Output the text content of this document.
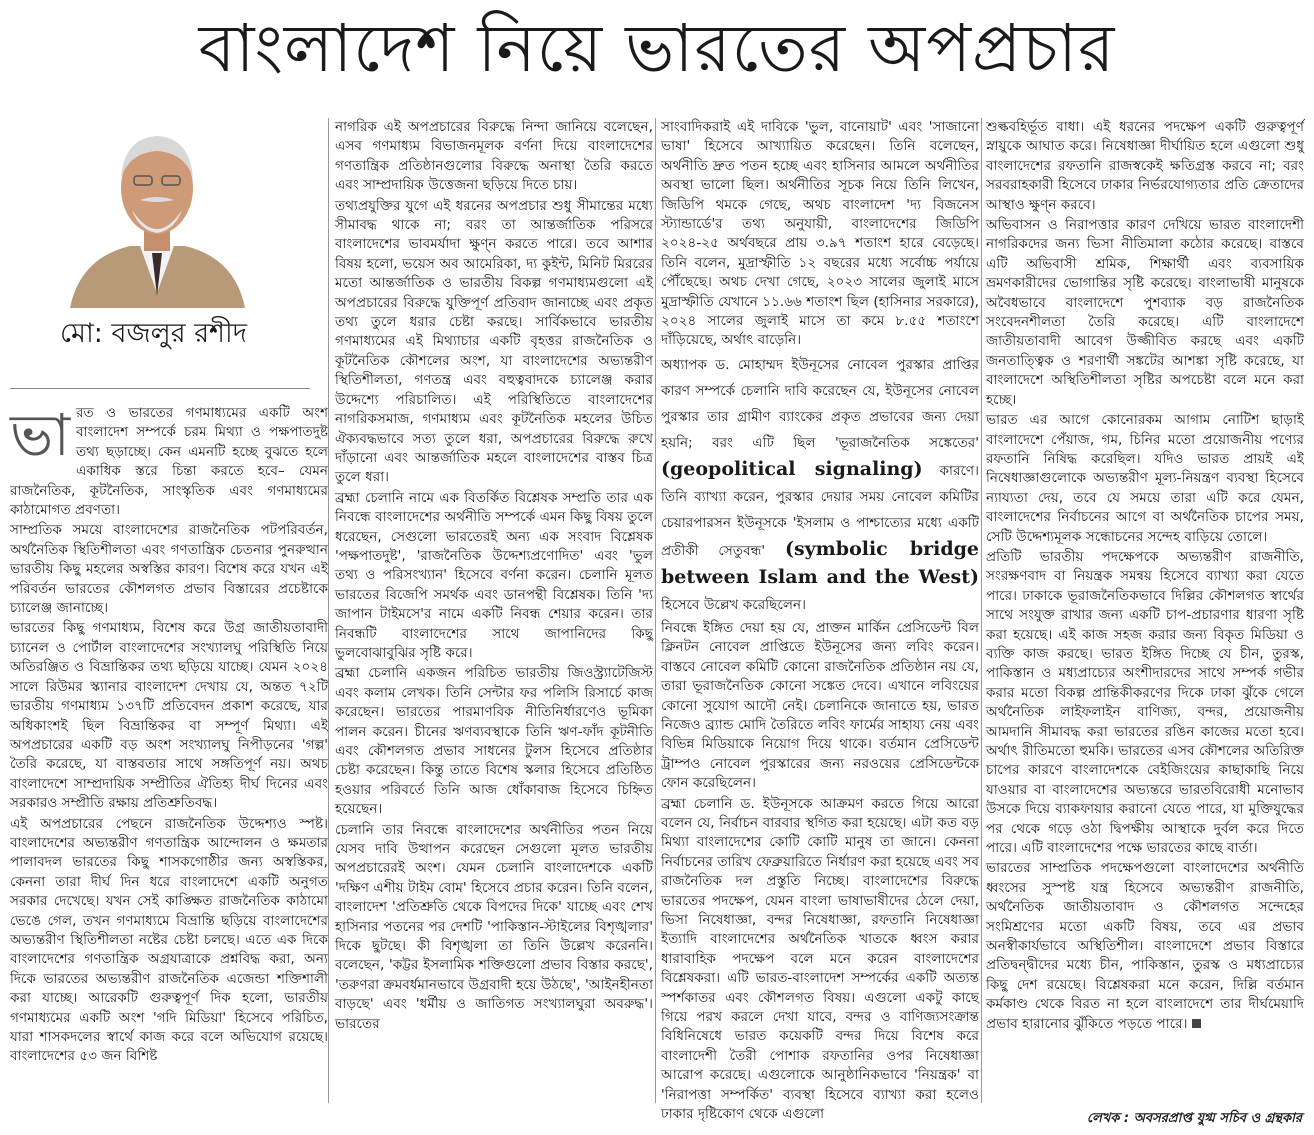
বাংলাদেশ নিয়ে ভারতের অপপ্রচার
মো: বজলুর রশীদ

ভারত ও ভারতের গণমাধ্যমের একটি অংশ বাংলাদেশ সম্পর্কে চরম মিথ্যা ও পক্ষপাতদুষ্ট তথ্য ছড়াচ্ছে। কেন এমনটি হচ্ছে বুঝতে হলে একাধিক স্তরে চিন্তা করতে হবে– যেমন রাজনৈতিক, কূটনৈতিক, সাংস্কৃতিক এবং গণমাধ্যমের কাঠামোগত প্রবণতা।

সাম্প্রতিক সময়ে বাংলাদেশের রাজনৈতিক পটপরিবর্তন, অর্থনৈতিক স্থিতিশীলতা এবং গণতান্ত্রিক চেতনার পুনরুত্থান ভারতীয় কিছু মহলের অস্বস্তির কারণ। বিশেষ করে যখন এই পরিবর্তন ভারতের কৌশলগত প্রভাব বিস্তারের প্রচেষ্টাকে চ্যালেঞ্জ জানাচ্ছে।

ভারতের কিছু গণমাধ্যম, বিশেষ করে উগ্র জাতীয়তাবাদী চ্যানেল ও পোর্টাল বাংলাদেশের সংখ্যালঘু পরিস্থিতি নিয়ে অতিরঞ্জিত ও বিভ্রান্তিকর তথ্য ছড়িয়ে যাচ্ছে। যেমন ২০২৪ সালে রিউমর স্ক্যানার বাংলাদেশ দেখায় যে, অন্তত ৭২টি ভারতীয় গণমাধ্যম ১৩৭টি প্রতিবেদন প্রকাশ করেছে, যার অধিকাংশই ছিল বিভ্রান্তিকর বা সম্পূর্ণ মিথ্যা। এই অপপ্রচারের একটি বড় অংশ সংখ্যালঘু নিপীড়নের 'গল্প' তৈরি করেছে, যা বাস্তবতার সাথে সঙ্গতিপূর্ণ নয়। অথচ বাংলাদেশে সাম্প্রদায়িক সম্প্রীতির ঐতিহ্য দীর্ঘ দিনের এবং সরকারও সম্প্রীতি রক্ষায় প্রতিশ্রুতিবদ্ধ।

এই অপপ্রচারের পেছনে রাজনৈতিক উদ্দেশ্যও স্পষ্ট। বাংলাদেশের অভ্যন্তরীণ গণতান্ত্রিক আন্দোলন ও ক্ষমতার পালাবদল ভারতের কিছু শাসকগোষ্ঠীর জন্য অস্বস্তিকর, কেননা তারা দীর্ঘ দিন ধরে বাংলাদেশে একটি অনুগত সরকার দেখেছে। যখন সেই কাঙ্ক্ষিত রাজনৈতিক কাঠামো ভেঙে গেল, তখন গণমাধ্যমে বিভ্রান্তি ছড়িয়ে বাংলাদেশের অভ্যন্তরীণ স্থিতিশীলতা নষ্টের চেষ্টা চলছে। এতে এক দিকে বাংলাদেশের গণতান্ত্রিক অগ্রযাত্রাকে প্রশ্নবিদ্ধ করা, অন্য দিকে ভারতের অভ্যন্তরীণ রাজনৈতিক এজেন্ডা শক্তিশালী করা যাচ্ছে। আরেকটি গুরুত্বপূর্ণ দিক হলো, ভারতীয় গণমাধ্যমের একটি অংশ 'গদি মিডিয়া' হিসেবে পরিচিত, যারা শাসকদলের স্বার্থে কাজ করে বলে অভিযোগ রয়েছে। বাংলাদেশের ৫৩ জন বিশিষ্ট

নাগরিক এই অপপ্রচারের বিরুদ্ধে নিন্দা জানিয়ে বলেছেন, এসব গণমাধ্যম বিভাজনমূলক বর্ণনা দিয়ে বাংলাদেশের গণতান্ত্রিক প্রতিষ্ঠানগুলোর বিরুদ্ধে অনাস্থা তৈরি করতে এবং সাম্প্রদায়িক উত্তেজনা ছড়িয়ে দিতে চায়।

তথ্যপ্রযুক্তির যুগে এই ধরনের অপপ্রচার শুধু সীমান্তের মধ্যে সীমাবদ্ধ থাকে না; বরং তা আন্তর্জাতিক পরিসরে বাংলাদেশের ভাবমর্যাদা ক্ষুণ্ন করতে পারে। তবে আশার বিষয় হলো, ভয়েস অব আমেরিকা, দ্য কুইন্ট, মিনিট মিররের মতো আন্তর্জাতিক ও ভারতীয় বিকল্প গণমাধ্যমগুলো এই অপপ্রচারের বিরুদ্ধে যুক্তিপূর্ণ প্রতিবাদ জানাচ্ছে এবং প্রকৃত তথ্য তুলে ধরার চেষ্টা করছে। সার্বিকভাবে ভারতীয় গণমাধ্যমের এই মিথ্যাচার একটি বৃহত্তর রাজনৈতিক ও কূটনৈতিক কৌশলের অংশ, যা বাংলাদেশের অভ্যন্তরীণ স্থিতিশীলতা, গণতন্ত্র এবং বহুত্ববাদকে চ্যালেঞ্জ করার উদ্দেশ্যে পরিচালিত। এই পরিস্থিতিতে বাংলাদেশের নাগরিকসমাজ, গণমাধ্যম এবং কূটনৈতিক মহলের উচিত ঐক্যবদ্ধভাবে সত্য তুলে ধরা, অপপ্রচারের বিরুদ্ধে রুখে দাঁড়ানো এবং আন্তর্জাতিক মহলে বাংলাদেশের বাস্তব চিত্র তুলে ধরা।

ব্রহ্মা চেলানি নামে এক বিতর্কিত বিশ্লেষক সম্প্রতি তার এক নিবন্ধে বাংলাদেশের অর্থনীতি সম্পর্কে এমন কিছু বিষয় তুলে ধরেছেন, সেগুলো ভারতেরই অন্য এক সংবাদ বিশ্লেষক 'পক্ষপাতদুষ্ট', 'রাজনৈতিক উদ্দেশ্যপ্রণোদিত' এবং 'ভুল তথ্য ও পরিসংখ্যান' হিসেবে বর্ণনা করেন। চেলানি মূলত ভারতের বিজেপি সমর্থক এবং ডানপন্থী বিশ্লেষক। তিনি 'দ্য জাপান টাইমসে'র নামে একটি নিবন্ধ শেয়ার করেন। তার নিবন্ধটি বাংলাদেশের সাথে জাপানিদের কিছু ভুলবোঝাবুঝির সৃষ্টি করে।

ব্রহ্মা চেলানি একজন পরিচিত ভারতীয় জিওস্ট্র্যাটেজিস্ট এবং কলাম লেখক। তিনি সেন্টার ফর পলিসি রিসার্চে কাজ করেছেন। ভারতের পারমাণবিক নীতিনির্ধারণেও ভূমিকা পালন করেন। চীনের ঋণব্যবস্থাকে তিনি ঋণ-ফাঁদ কূটনীতি এবং কৌশলগত প্রভাব সাধনের টুলস হিসেবে প্রতিষ্ঠার চেষ্টা করেছেন। কিন্তু তাতে বিশেষ স্কলার হিসেবে প্রতিষ্ঠিত হওয়ার পরিবর্তে তিনি আজ ধোঁকাবাজ হিসেবে চিহ্নিত হয়েছেন।

চেলানি তার নিবন্ধে বাংলাদেশের অর্থনীতির পতন নিয়ে যেসব দাবি উত্থাপন করেছেন সেগুলো মূলত ভারতীয় অপপ্রচারেরই অংশ। যেমন চেলানি বাংলাদেশকে একটি 'দক্ষিণ এশীয় টাইম বোম' হিসেবে প্রচার করেন। তিনি বলেন, বাংলাদেশ 'প্রতিশ্রুতি থেকে বিপদের দিকে' যাচ্ছে এবং শেখ হাসিনার পতনের পর দেশটি 'পাকিস্তান-স্টাইলের বিশৃঙ্খলার' দিকে ছুটছে। কী বিশৃঙ্খলা তা তিনি উল্লেখ করেননি। বলেছেন, 'কট্টর ইসলামিক শক্তিগুলো প্রভাব বিস্তার করছে', 'তরুণরা ক্রমবর্ধমানভাবে উগ্রবাদী হয়ে উঠছে', 'আইনহীনতা বাড়ছে' এবং 'ধর্মীয় ও জাতিগত সংখ্যালঘুরা অবরুদ্ধ'। ভারতের

সাংবাদিকরাই এই দাবিকে 'ভুল, বানোয়াট' এবং 'সাজানো ভাষা' হিসেবে আখ্যায়িত করেছেন। তিনি বলেছেন, অর্থনীতি দ্রুত পতন হচ্ছে এবং হাসিনার আমলে অর্থনীতির অবস্থা ভালো ছিল। অর্থনীতির সূচক নিয়ে তিনি লিখেন, জিডিপি থমকে গেছে, অথচ বাংলাদেশ 'দ্য বিজনেস স্ট্যান্ডার্ডে'র তথ্য অনুযায়ী, বাংলাদেশের জিডিপি ২০২৪-২৫ অর্থবছরে প্রায় ৩.৯৭ শতাংশ হারে বেড়েছে। তিনি বলেন, মুদ্রাস্ফীতি ১২ বছরের মধ্যে সর্বোচ্চ পর্যায়ে পৌঁছেছে। অথচ দেখা গেছে, ২০২৩ সালের জুলাই মাসে মুদ্রাস্ফীতি যেখানে ১১.৬৬ শতাংশ ছিল (হাসিনার সরকারে), ২০২৪ সালের জুলাই মাসে তা কমে ৮.৫৫ শতাংশে দাঁড়িয়েছে, অর্থাৎ বাড়েনি।

অধ্যাপক ড. মোহাম্মদ ইউনূসের নোবেল পুরস্কার প্রাপ্তির কারণ সম্পর্কে চেলানি দাবি করেছেন যে, ইউনূসের নোবেল পুরস্কার তার গ্রামীণ ব্যাংকের প্রকৃত প্রভাবের জন্য দেয়া হয়নি; বরং এটি ছিল 'ভূরাজনৈতিক সঙ্কেতের' (geopolitical signaling) কারণে। তিনি ব্যাখ্যা করেন, পুরস্কার দেয়ার সময় নোবেল কমিটির চেয়ারপারসন ইউনূসকে 'ইসলাম ও পাশ্চাত্যের মধ্যে একটি প্রতীকী সেতুবন্ধ' (symbolic bridge between Islam and the West) হিসেবে উল্লেখ করেছিলেন।

নিবন্ধে ইঙ্গিত দেয়া হয় যে, প্রাক্তন মার্কিন প্রেসিডেন্ট বিল ক্লিনটন নোবেল প্রাপ্তিতে ইউনূসের জন্য লবিং করেন। বাস্তবে নোবেল কমিটি কোনো রাজনৈতিক প্রতিষ্ঠান নয় যে, তারা ভূরাজনৈতিক কোনো সঙ্কেত দেবে। এখানে লবিংয়ের কোনো সুযোগ আদৌ নেই। চেলানিকে জানাতে হয়, ভারত নিজেও ব্র্যান্ড মোদি তৈরিতে লবিং ফার্মের সাহায্য নেয় এবং বিভিন্ন মিডিয়াকে নিয়োগ দিয়ে থাকে। বর্তমান প্রেসিডেন্ট ট্রাম্পও নোবেল পুরস্কারের জন্য নরওয়ের প্রেসিডেন্টকে ফোন করেছিলেন।

ব্রহ্মা চেলানি ড. ইউনূসকে আক্রমণ করতে গিয়ে আরো বলেন যে, নির্বাচন বারবার স্থগিত করা হয়েছে। এটা কত বড় মিথ্যা বাংলাদেশের কোটি কোটি মানুষ তা জানে। কেননা নির্বাচনের তারিখ ফেব্রুয়ারিতে নির্ধারণ করা হয়েছে এবং সব রাজনৈতিক দল প্রস্তুতি নিচ্ছে। বাংলাদেশের বিরুদ্ধে ভারতের পদক্ষেপ, যেমন বাংলা ভাষাভাষীদের ঠেলে দেয়া, ভিসা নিষেধাজ্ঞা, বন্দর নিষেধাজ্ঞা, রফতানি নিষেধাজ্ঞা ইত্যাদি বাংলাদেশের অর্থনৈতিক খাতকে ধ্বংস করার ধারাবাহিক পদক্ষেপ বলে মনে করেন বাংলাদেশের বিশ্লেষকরা। এটি ভারত-বাংলাদেশ সম্পর্কের একটি অত্যন্ত স্পর্শকাতর এবং কৌশলগত বিষয়। এগুলো একটু কাছে গিয়ে পরখ করলে দেখা যাবে, বন্দর ও বাণিজ্যসংক্রান্ত বিধিনিষেধে ভারত কয়েকটি বন্দর দিয়ে বিশেষ করে বাংলাদেশী তৈরী পোশাক রফতানির ওপর নিষেধাজ্ঞা আরোপ করেছে। এগুলোকে আনুষ্ঠানিকভাবে 'নিয়ন্ত্রক' বা 'নিরাপত্তা সম্পর্কিত' ব্যবস্থা হিসেবে ব্যাখ্যা করা হলেও ঢাকার দৃষ্টিকোণ থেকে এগুলো

শুল্কবহির্ভূত বাধা। এই ধরনের পদক্ষেপ একটি গুরুত্বপূর্ণ স্নায়ুকে আঘাত করে। নিষেধাজ্ঞা দীর্ঘায়িত হলে এগুলো শুধু বাংলাদেশের রফতানি রাজস্বকেই ক্ষতিগ্রস্ত করবে না; বরং সরবরাহকারী হিসেবে ঢাকার নির্ভরযোগ্যতার প্রতি ক্রেতাদের আস্থাও ক্ষুণ্ন করবে।

অভিবাসন ও নিরাপত্তার কারণ দেখিয়ে ভারত বাংলাদেশী নাগরিকদের জন্য ভিসা নীতিমালা কঠোর করেছে। বাস্তবে এটি অভিবাসী শ্রমিক, শিক্ষার্থী এবং ব্যবসায়িক ভ্রমণকারীদের ভোগান্তির সৃষ্টি করেছে। বাংলাভাষী মানুষকে অবৈধভাবে বাংলাদেশে পুশব্যাক বড় রাজনৈতিক সংবেদনশীলতা তৈরি করেছে। এটি বাংলাদেশে জাতীয়তাবাদী আবেগ উজ্জীবিত করছে এবং একটি জনতাত্ত্বিক ও শরণার্থী সঙ্কটের আশঙ্কা সৃষ্টি করেছে, যা বাংলাদেশে অস্থিতিশীলতা সৃষ্টির অপচেষ্টা বলে মনে করা হচ্ছে।

ভারত এর আগে কোনোরকম আগাম নোটিশ ছাড়াই বাংলাদেশে পেঁয়াজ, গম, চিনির মতো প্রয়োজনীয় পণ্যের রফতানি নিষিদ্ধ করেছিল। যদিও ভারত প্রায়ই এই নিষেধাজ্ঞাগুলোকে অভ্যন্তরীণ মূল্য-নিয়ন্ত্রণ ব্যবস্থা হিসেবে ন্যায্যতা দেয়, তবে যে সময়ে তারা এটি করে যেমন, বাংলাদেশের নির্বাচনের আগে বা অর্থনৈতিক চাপের সময়, সেটি উদ্দেশ্যমূলক সন্ধোচনের সন্দেহ বাড়িয়ে তোলে।

প্রতিটি ভারতীয় পদক্ষেপকে অভ্যন্তরীণ রাজনীতি, সংরক্ষণবাদ বা নিয়ন্ত্রক সমন্বয় হিসেবে ব্যাখ্যা করা যেতে পারে। ঢাকাকে ভূরাজনৈতিকভাবে দিল্লির কৌশলগত স্বার্থের সাথে সংযুক্ত রাখার জন্য একটি চাপ-প্রচারণার ধারণা সৃষ্টি করা হয়েছে। এই কাজ সহজ করার জন্য বিকৃত মিডিয়া ও ব্যক্তি কাজ করছে। ভারত ইঙ্গিত দিচ্ছে যে চীন, তুরস্ক, পাকিস্তান ও মধ্যপ্রাচ্যের অংশীদারদের সাথে সম্পর্ক গভীর করার মতো বিকল্প প্রান্তিকীকরণের দিকে ঢাকা ঝুঁকে গেলে অর্থনৈতিক লাইফলাইন বাণিজ্য, বন্দর, প্রয়োজনীয় আমদানি সীমাবদ্ধ করা ভারতের রঙিন কাজের মতো হবে। অর্থাৎ রীতিমতো হুমকি। ভারতের এসব কৌশলের অতিরিক্ত চাপের কারণে বাংলাদেশকে বেইজিংয়ের কাছাকাছি নিয়ে যাওয়ার বা বাংলাদেশের অভ্যন্তরে ভারতবিরোধী মনোভাব উসকে দিয়ে ব্যাকফায়ার করানো যেতে পারে, যা মুক্তিযুদ্ধের পর থেকে গড়ে ওঠা দ্বিপক্ষীয় আস্থাকে দুর্বল করে দিতে পারে। এটি বাংলাদেশের পক্ষে ভারতের কাছে বার্তা।

ভারতের সাম্প্রতিক পদক্ষেপগুলো বাংলাদেশের অর্থনীতি ধ্বংসের সুস্পষ্ট যন্ত্র হিসেবে অভ্যন্তরীণ রাজনীতি, অর্থনৈতিক জাতীয়তাবাদ ও কৌশলগত সন্দেহের সংমিশ্রণের মতো একটি বিষয়, তবে এর প্রভাব অনস্বীকার্যভাবে অস্থিতিশীল। বাংলাদেশে প্রভাব বিস্তারে প্রতিদ্বন্দ্বীদের মধ্যে চীন, পাকিস্তান, তুরস্ক ও মধ্যপ্রাচ্যের কিছু দেশ রয়েছে। বিশ্লেষকরা মনে করেন, দিল্লি বর্তমান কর্মকাণ্ড থেকে বিরত না হলে বাংলাদেশে তার দীর্ঘমেয়াদি প্রভাব হারানোর ঝুঁকিতে পড়তে পারে।

লেখক : অবসরপ্রাপ্ত যুগ্ম সচিব ও গ্রন্থকার
